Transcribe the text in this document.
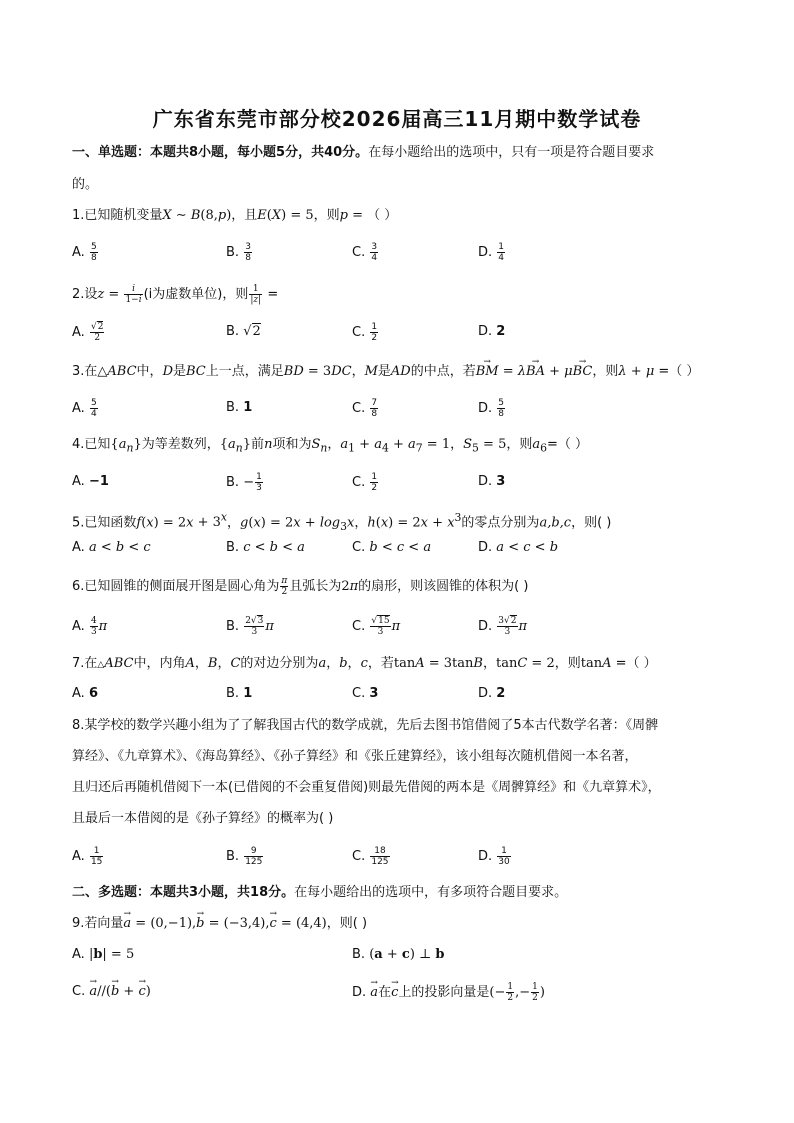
广东省东莞市部分校2026届高三11月期中数学试卷
一、单选题：本题共8小题，每小题5分，共40分。在每小题给出的选项中，只有一项是符合题目要求
的。
1.已知随机变量X ∼ B(8,p)，且E(X) = 5，则p = （ ）
A. $\frac{5}{8}$	B. $\frac{3}{8}$	C. $\frac{3}{4}$	D. $\frac{1}{4}$
2.设$z = \frac{i}{1-i} (i$为虚数单位)，则 $\frac{1}{|z|}$ =
A. $\frac{√2}{2}$	B. √2	C. $\frac{1}{2}$	D. 2
3.在△ABC中，D是BC上一点，满足BD = 3DC，M是AD的中点，若→ BM = λ→ BA + μ→ BC，则λ + μ =（ ）
A. $\frac{5}{4}$	B. 1	C. $\frac{7}{8}$	D. $\frac{5}{8}$
4.已知$\{a_n\}$为等差数列，$\{a_n\}$前n项和为$S_n$，$a_1 + a_4 + a_7 = 1$，$S_5 = 5$，则$a_6=$（ ）
A. −1	B. − $\frac{1}{3}$	C. $\frac{1}{2}$	D. 3
5.已知函数$f(x) = 2x + 3^x$，$g(x) = 2x + \log_3x$，$h(x) = 2x + x^3$的零点分别为a,b,c，则( )
A. a < b < c	B. c < b < a	C. b < c < a	D. a < c < b
6.已知圆锥的侧面展开图是圆心角为 $\frac{\pi}{2}$ 且弧长为2π的扇形，则该圆锥的体积为( )
A. $\frac{4}{3}$ π	B. $\frac{2√3}{3}$ π	C. $\frac{√15}{3}$ π	D. $\frac{3√2}{3}$ π
7.在△ABC中，内角A，B，C的对边分别为a，b，c，若tanA = 3tanB，tanC = 2，则tanA =（ ）
A. 6	B. 1	C. 3	D. 2
8.某学校的数学兴趣小组为了了解我国古代的数学成就，先后去图书馆借阅了5本古代数学名著：《周髀
算经》、《九章算术》、《海岛算经》、《孙子算经》和《张丘建算经》，该小组每次随机借阅一本名著，
且归还后再随机借阅下一本(已借阅的不会重复借阅)则最先借阅的两本是《周髀算经》和《九章算术》，
且最后一本借阅的是《孙子算经》的概率为( )
A. $\frac{1}{15}$	B. $\frac{9}{125}$	C. $\frac{18}{125}$	D. $\frac{1}{30}$
二、多选题：本题共3小题，共18分。在每小题给出的选项中，有多项符合题目要求。
9.若向量→ a = (0,−1),→ b = (−3,4),→ c = (4,4)，则( )
A. |b| = 5	B. (a + c) ⊥ b
C. → a//(→ b + → c)	D. → a在→ c上的投影向量是(− $\frac{1}{2}$ ,− $\frac{1}{2}$ )
